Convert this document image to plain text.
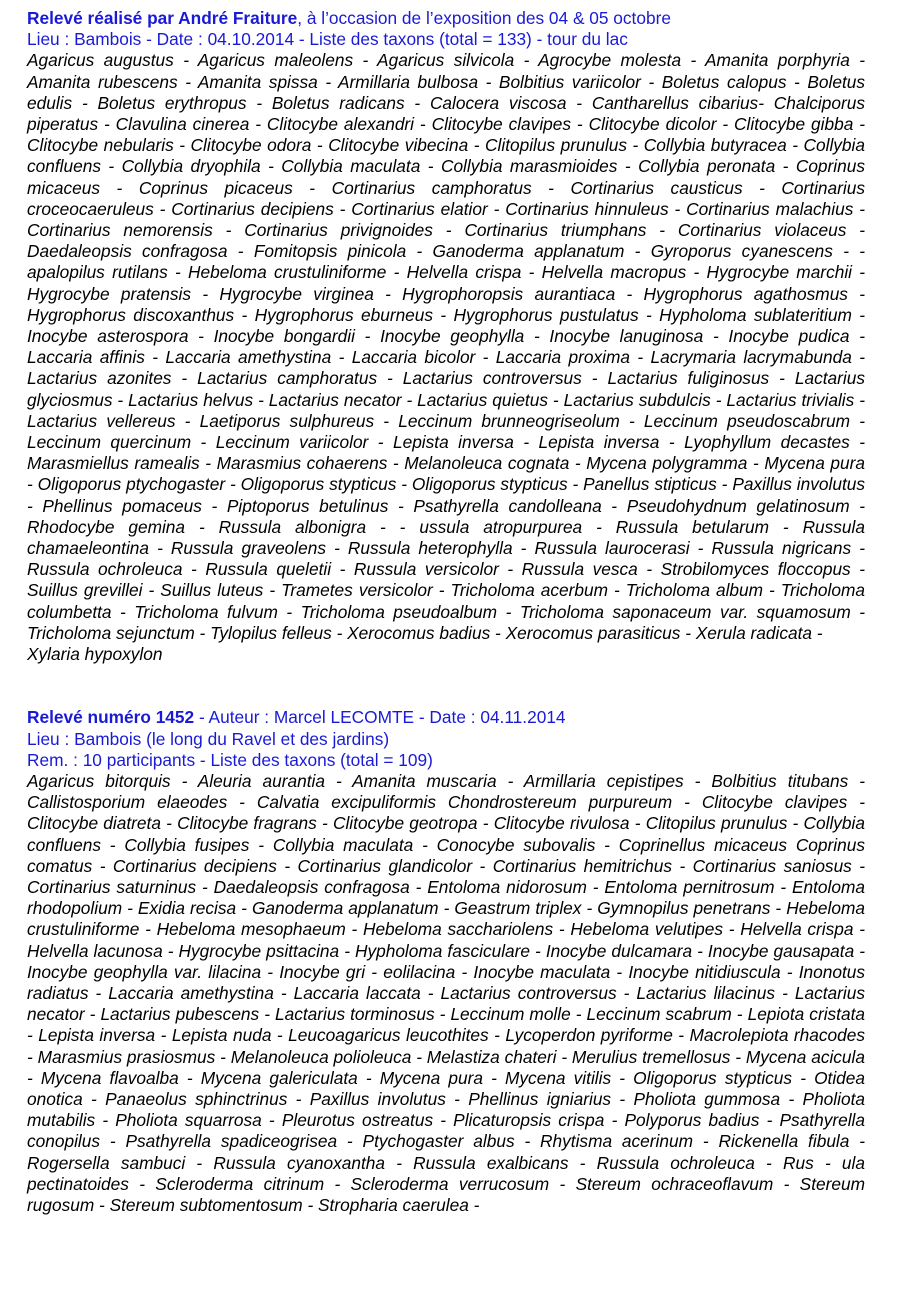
Relevé réalisé par André Fraiture, à l’occasion de l’exposition des 04 & 05 octobre
Lieu : Bambois - Date : 04.10.2014 - Liste des taxons (total = 133) - tour du lac
Agaricus augustus - Agaricus maleolens - Agaricus silvicola - Agrocybe molesta - Amanita porphyria - Amanita rubescens - Amanita spissa - Armillaria bulbosa - Bolbitius variicolor - Boletus calopus - Boletus edulis - Boletus erythropus - Boletus radicans - Calocera viscosa - Cantharellus cibarius- Chalciporus piperatus - Clavulina cinerea - Clitocybe alexandri - Clitocybe clavipes - Clitocybe dicolor - Clitocybe gibba - Clitocybe nebularis - Clitocybe odora - Clitocybe vibecina - Clitopilus prunulus - Collybia butyracea - Collybia confluens - Collybia dryophila - Collybia maculata - Collybia marasmioides - Collybia peronata - Coprinus micaceus - Coprinus picaceus - Cortinarius camphoratus - Cortinarius causticus - Cortinarius croceocaeruleus - Cortinarius decipiens - Cortinarius elatior - Cortinarius hinnuleus - Cortinarius malachius - Cortinarius nemorensis - Cortinarius privignoides - Cortinarius triumphans - Cortinarius violaceus - Daedaleopsis confragosa - Fomitopsis pinicola - Ganoderma applanatum - Gyroporus cyanescens - - apalopilus rutilans - Hebeloma crustuliniforme - Helvella crispa - Helvella macropus - Hygrocybe marchii - Hygrocybe pratensis - Hygrocybe virginea - Hygrophoropsis aurantiaca - Hygrophorus agathosmus - Hygrophorus discoxanthus - Hygrophorus eburneus - Hygrophorus pustulatus - Hypholoma sublateritium - Inocybe asterospora - Inocybe bongardii - Inocybe geophylla - Inocybe lanuginosa - Inocybe pudica - Laccaria affinis - Laccaria amethystina - Laccaria bicolor - Laccaria proxima - Lacrymaria lacrymabunda - Lactarius azonites - Lactarius camphoratus - Lactarius controversus - Lactarius fuliginosus - Lactarius glyciosmus - Lactarius helvus - Lactarius necator - Lactarius quietus - Lactarius subdulcis - Lactarius trivialis - Lactarius vellereus - Laetiporus sulphureus - Leccinum brunneogriseolum - Leccinum pseudoscabrum - Leccinum quercinum - Leccinum variicolor - Lepista inversa - Lepista inversa - Lyophyllum decastes - Marasmiellus ramealis - Marasmius cohaerens - Melanoleuca cognata - Mycena polygramma - Mycena pura - Oligoporus ptychogaster - Oligoporus stypticus - Oligoporus stypticus - Panellus stipticus - Paxillus involutus - Phellinus pomaceus - Piptoporus betulinus - Psathyrella candolleana - Pseudohydnum gelatinosum - Rhodocybe gemina - Russula albonigra - - ussula atropurpurea - Russula betularum - Russula chamaeleontina - Russula graveolens - Russula heterophylla - Russula laurocerasi - Russula nigricans - Russula ochroleuca - Russula queletii - Russula versicolor - Russula vesca - Strobilomyces floccopus - Suillus grevillei - Suillus luteus - Trametes versicolor - Tricholoma acerbum - Tricholoma album - Tricholoma columbetta - Tricholoma fulvum - Tricholoma pseudoalbum - Tricholoma saponaceum var. squamosum - Tricholoma sejunctum - Tylopilus felleus - Xerocomus badius - Xerocomus parasiticus - Xerula radicata -
Xylaria hypoxylon
Relevé numéro 1452 - Auteur : Marcel LECOMTE - Date : 04.11.2014
Lieu : Bambois (le long du Ravel et des jardins)
Rem. : 10 participants - Liste des taxons (total = 109)
Agaricus bitorquis - Aleuria aurantia - Amanita muscaria - Armillaria cepistipes - Bolbitius titubans - Callistosporium elaeodes - Calvatia excipuliformis Chondrostereum purpureum - Clitocybe clavipes - Clitocybe diatreta - Clitocybe fragrans - Clitocybe geotropa - Clitocybe rivulosa - Clitopilus prunulus - Collybia confluens - Collybia fusipes - Collybia maculata - Conocybe subovalis - Coprinellus micaceus Coprinus comatus - Cortinarius decipiens - Cortinarius glandicolor - Cortinarius hemitrichus - Cortinarius saniosus - Cortinarius saturninus - Daedaleopsis confragosa - Entoloma nidorosum - Entoloma pernitrosum - Entoloma rhodopolium - Exidia recisa - Ganoderma applanatum - Geastrum triplex - Gymnopilus penetrans - Hebeloma crustuliniforme - Hebeloma mesophaeum - Hebeloma sacchariolens - Hebeloma velutipes - Helvella crispa - Helvella lacunosa - Hygrocybe psittacina - Hypholoma fasciculare - Inocybe dulcamara - Inocybe gausapata - Inocybe geophylla var. lilacina - Inocybe gri - eolilacina - Inocybe maculata - Inocybe nitidiuscula - Inonotus radiatus - Laccaria amethystina - Laccaria laccata - Lactarius controversus - Lactarius lilacinus - Lactarius necator - Lactarius pubescens - Lactarius torminosus - Leccinum molle - Leccinum scabrum - Lepiota cristata - Lepista inversa - Lepista nuda - Leucoagaricus leucothites - Lycoperdon pyriforme - Macrolepiota rhacodes - Marasmius prasiosmus - Melanoleuca polioleuca - Melastiza chateri - Merulius tremellosus - Mycena acicula - Mycena flavoalba - Mycena galericulata - Mycena pura - Mycena vitilis - Oligoporus stypticus - Otidea onotica - Panaeolus sphinctrinus - Paxillus involutus - Phellinus igniarius - Pholiota gummosa - Pholiota mutabilis - Pholiota squarrosa - Pleurotus ostreatus - Plicaturopsis crispa - Polyporus badius - Psathyrella conopilus - Psathyrella spadiceogrisea - Ptychogaster albus - Rhytisma acerinum - Rickenella fibula - Rogersella sambuci - Russula cyanoxantha - Russula exalbicans - Russula ochroleuca - Rus - ula pectinatoides - Scleroderma citrinum - Scleroderma verrucosum - Stereum ochraceoflavum - Stereum rugosum - Stereum subtomentosum - Stropharia caerulea -
